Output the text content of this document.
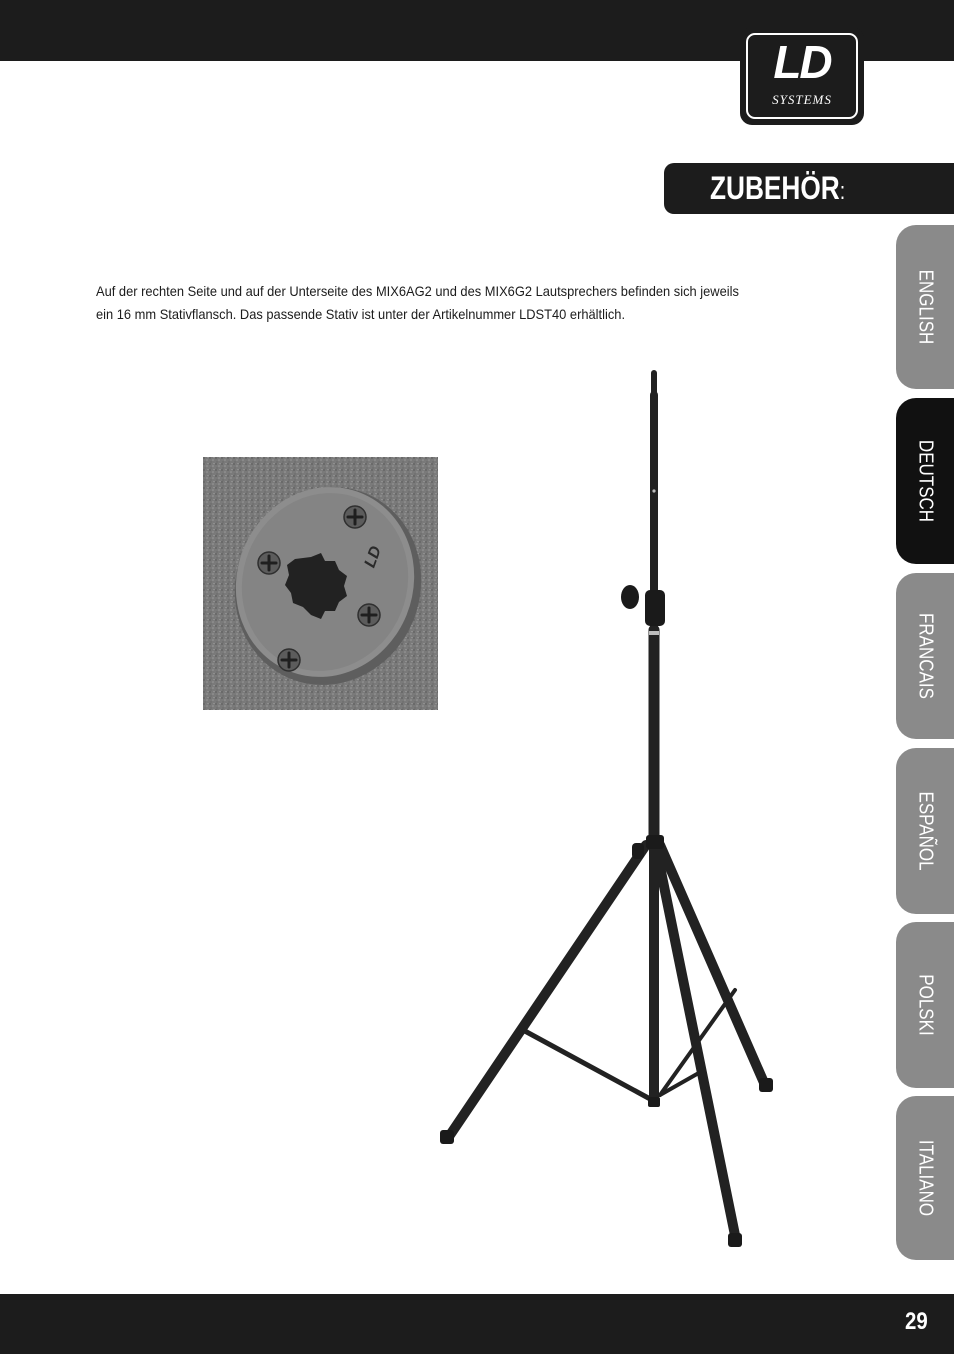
LD
SYSTEMS
ZUBEHÖR:

Auf der rechten Seite und auf der Unterseite des MIX6AG2 und des MIX6G2 Lautsprechers befinden sich jeweils

ein 16 mm Stativflansch. Das passende Stativ ist unter der Artikelnummer LDST40 erhältlich.	ENGLISH
DEUTSCH
FRANCAIS
ESPAÑOL
POLSKI
ITALIANO
LD
29
